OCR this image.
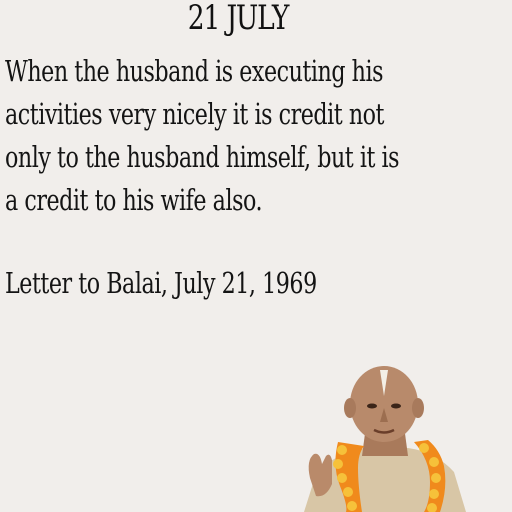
21 JULY
When the husband is executing his
activities very nicely it is credit not
only to the husband himself, but it is
a credit to his wife also.
Letter to Balai, July 21, 1969
